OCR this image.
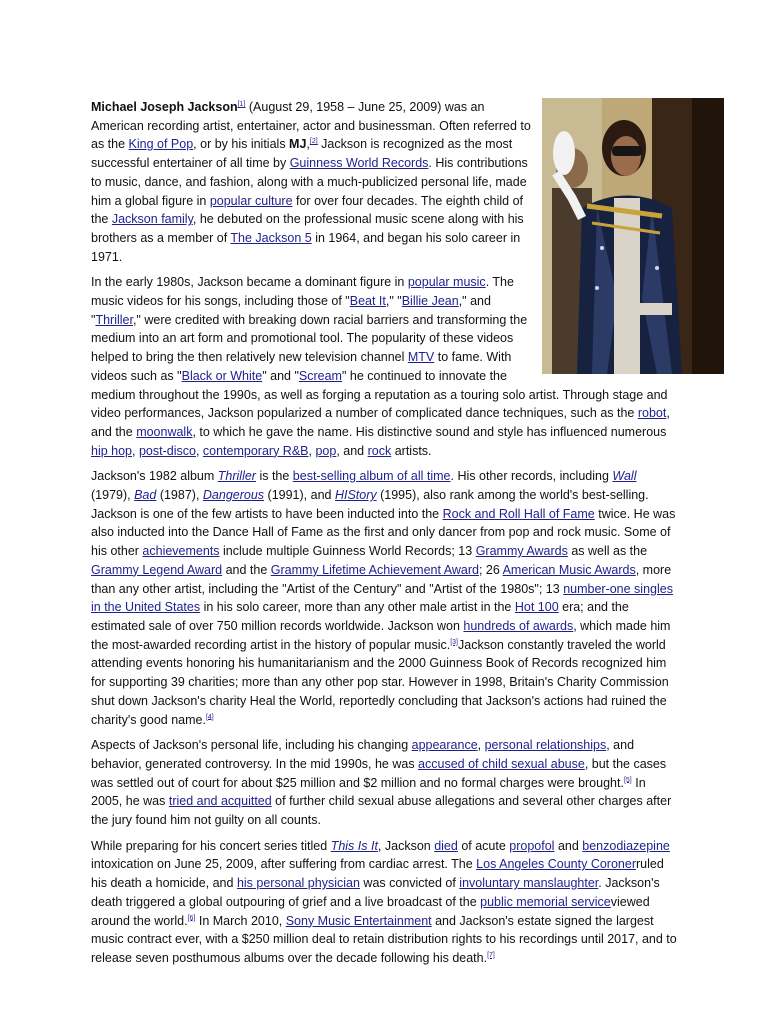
Michael Joseph Jackson[1] (August 29, 1958 – June 25, 2009) was an American recording artist, entertainer, actor and businessman. Often referred to as the King of Pop, or by his initials MJ,[2] Jackson is recognized as the most successful entertainer of all time by Guinness World Records. His contributions to music, dance, and fashion, along with a much-publicized personal life, made him a global figure in popular culture for over four decades. The eighth child of the Jackson family, he debuted on the professional music scene along with his brothers as a member of The Jackson 5 in 1964, and began his solo career in 1971.

In the early 1980s, Jackson became a dominant figure in popular music. The music videos for his songs, including those of "Beat It," "Billie Jean," and "Thriller," were credited with breaking down racial barriers and transforming the medium into an art form and promotional tool. The popularity of these videos helped to bring the then relatively new television channel MTV to fame. With videos such as "Black or White" and "Scream" he continued to innovate the medium throughout the 1990s, as well as forging a reputation as a touring solo artist. Through stage and video performances, Jackson popularized a number of complicated dance techniques, such as the robot, and the moonwalk, to which he gave the name. His distinctive sound and style has influenced numerous hip hop, post-disco, contemporary R&B, pop, and rock artists.

Jackson's 1982 album Thriller is the best-selling album of all time. His other records, including Wall (1979), Bad (1987), Dangerous (1991), and HIStory (1995), also rank among the world's best-selling. Jackson is one of the few artists to have been inducted into the Rock and Roll Hall of Fame twice. He was also inducted into the Dance Hall of Fame as the first and only dancer from pop and rock music. Some of his other achievements include multiple Guinness World Records; 13 Grammy Awards as well as the Grammy Legend Award and the Grammy Lifetime Achievement Award; 26 American Music Awards, more than any other artist, including the "Artist of the Century" and "Artist of the 1980s"; 13 number-one singles in the United States in his solo career, more than any other male artist in the Hot 100 era; and the estimated sale of over 750 million records worldwide. Jackson won hundreds of awards, which made him the most-awarded recording artist in the history of popular music.[3]Jackson constantly traveled the world attending events honoring his humanitarianism and the 2000 Guinness Book of Records recognized him for supporting 39 charities; more than any other pop star. However in 1998, Britain's Charity Commission shut down Jackson's charity Heal the World, reportedly concluding that Jackson's actions had ruined the charity's good name.[4]

Aspects of Jackson's personal life, including his changing appearance, personal relationships, and behavior, generated controversy. In the mid 1990s, he was accused of child sexual abuse, but the cases was settled out of court for about $25 million and $2 million and no formal charges were brought.[5] In 2005, he was tried and acquitted of further child sexual abuse allegations and several other charges after the jury found him not guilty on all counts.

While preparing for his concert series titled This Is It, Jackson died of acute propofol and benzodiazepine intoxication on June 25, 2009, after suffering from cardiac arrest. The Los Angeles County Coronerruled his death a homicide, and his personal physician was convicted of involuntary manslaughter. Jackson's death triggered a global outpouring of grief and a live broadcast of the public memorial serviceviewed around the world.[6] In March 2010, Sony Music Entertainment and Jackson's estate signed the largest music contract ever, with a $250 million deal to retain distribution rights to his recordings until 2017, and to release seven posthumous albums over the decade following his death.[7]
